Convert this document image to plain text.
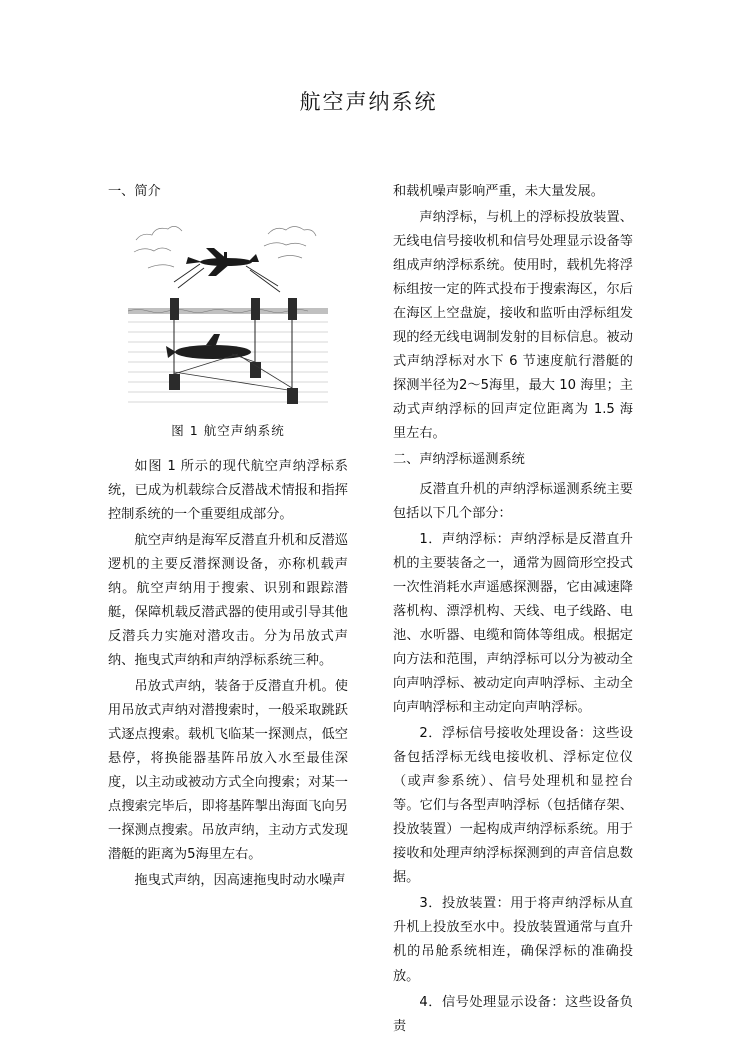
航空声纳系统
一、简介
图 1 航空声纳系统

如图 1 所示的现代航空声纳浮标系统，已成为机载综合反潜战术情报和指挥控制系统的一个重要组成部分。

航空声纳是海军反潜直升机和反潜巡逻机的主要反潜探测设备，亦称机载声纳。航空声纳用于搜索、识别和跟踪潜艇，保障机载反潜武器的使用或引导其他反潜兵力实施对潜攻击。分为吊放式声纳、拖曳式声纳和声纳浮标系统三种。

吊放式声纳，装备于反潜直升机。使用吊放式声纳对潜搜索时，一般采取跳跃式逐点搜索。载机飞临某一探测点，低空悬停，将换能器基阵吊放入水至最佳深度，以主动或被动方式全向搜索；对某一点搜索完毕后，即将基阵掣出海面飞向另一探测点搜索。吊放声纳，主动方式发现潜艇的距离为5海里左右。

拖曳式声纳，因高速拖曳时动水噪声

和载机噪声影响严重，未大量发展。

声纳浮标，与机上的浮标投放装置、无线电信号接收机和信号处理显示设备等组成声纳浮标系统。使用时，载机先将浮标组按一定的阵式投布于搜索海区，尔后在海区上空盘旋，接收和监听由浮标组发现的经无线电调制发射的目标信息。被动式声纳浮标对水下 6 节速度航行潜艇的探测半径为2～5海里，最大 10 海里；主动式声纳浮标的回声定位距离为 1.5 海里左右。

二、声纳浮标遥测系统

反潜直升机的声纳浮标遥测系统主要包括以下几个部分：

1．声纳浮标：声纳浮标是反潜直升机的主要装备之一，通常为圆筒形空投式一次性消耗水声遥感探测器，它由减速降落机构、漂浮机构、天线、电子线路、电池、水听器、电缆和筒体等组成。根据定向方法和范围，声纳浮标可以分为被动全向声呐浮标、被动定向声呐浮标、主动全向声呐浮标和主动定向声呐浮标。

2．浮标信号接收处理设备：这些设备包括浮标无线电接收机、浮标定位仪（或声参系统）、信号处理机和显控台等。它们与各型声呐浮标（包括储存架、投放装置）一起构成声纳浮标系统。用于接收和处理声纳浮标探测到的声音信息数据。

3．投放装置：用于将声纳浮标从直升机上投放至水中。投放装置通常与直升机的吊舱系统相连，确保浮标的准确投放。

4．信号处理显示设备：这些设备负责
